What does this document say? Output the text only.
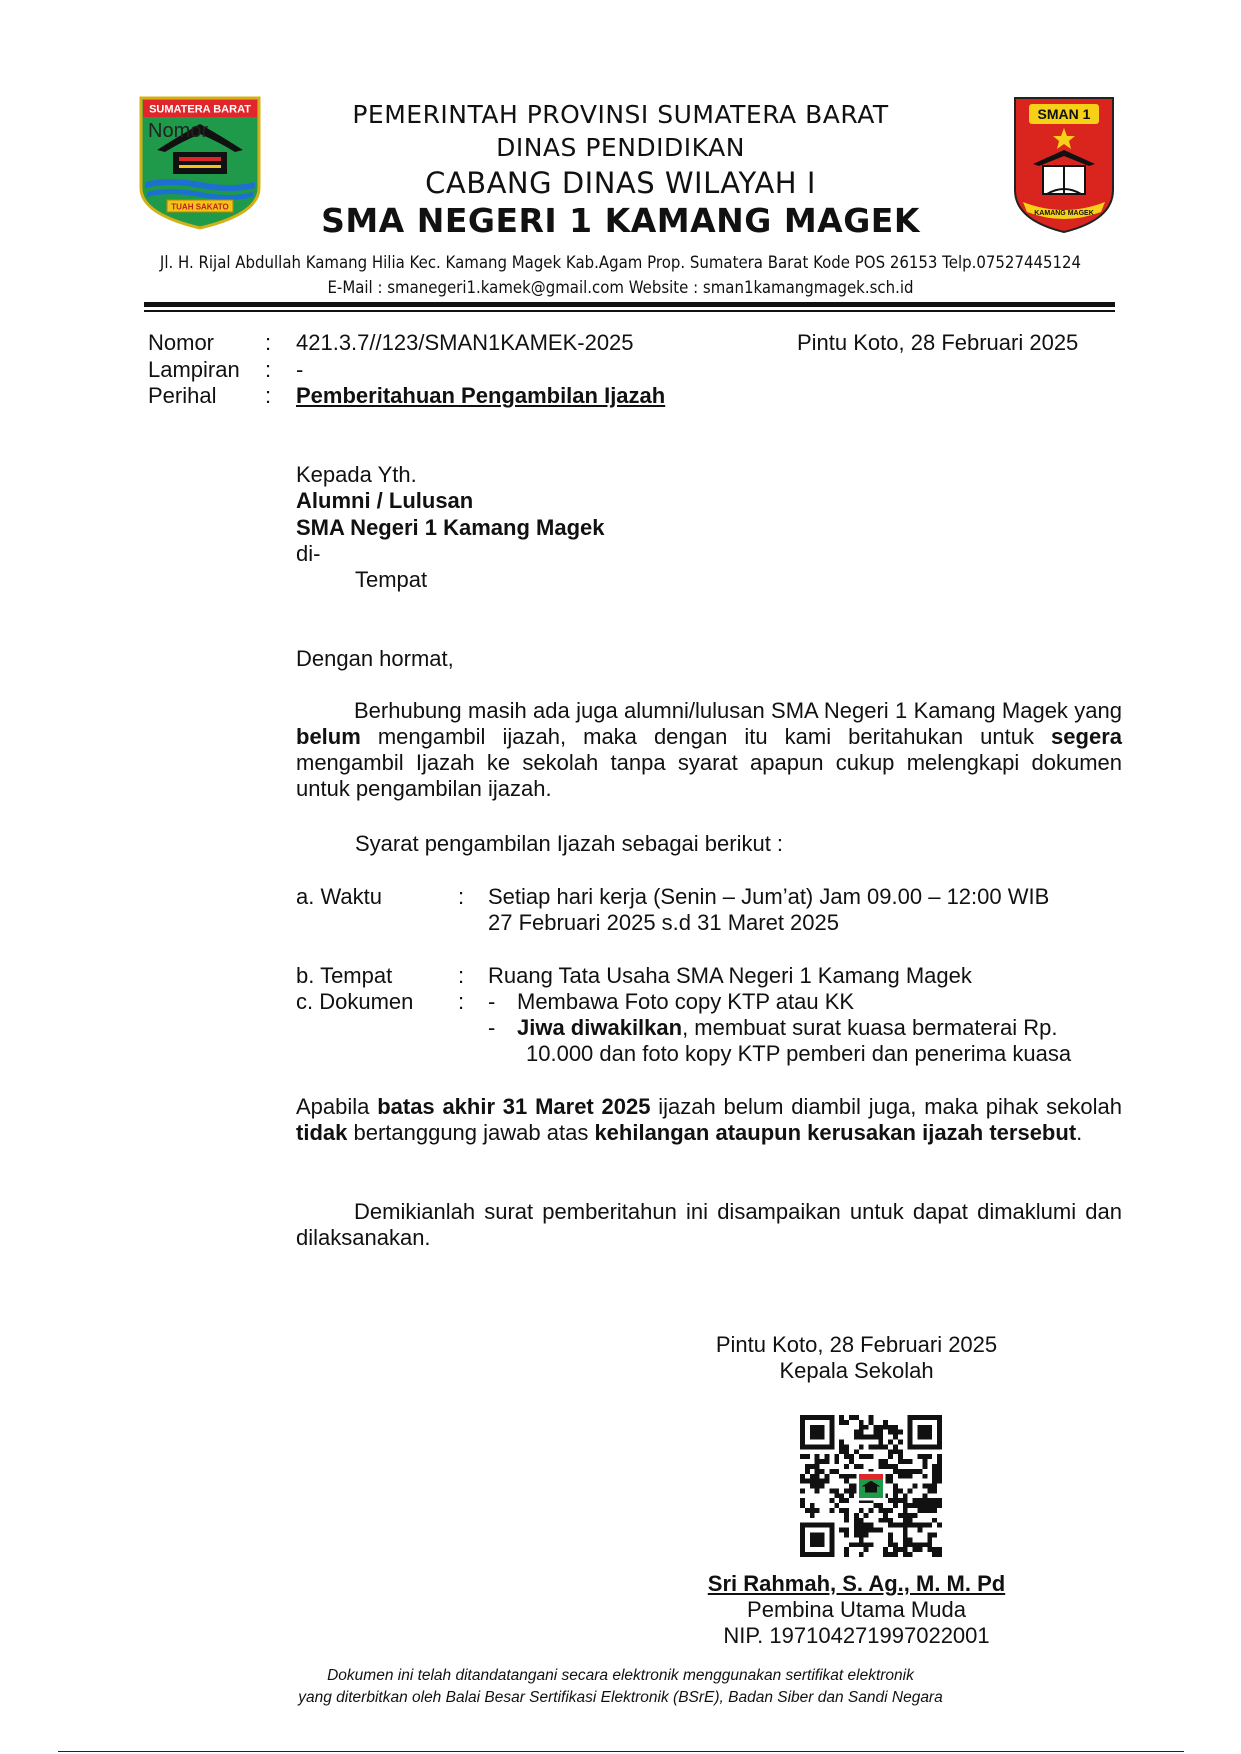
SUMATERA BARAT
TUAH SAKATO
Nomor
PEMERINTAH PROVINSI SUMATERA BARAT
DINAS PENDIDIKAN
CABANG DINAS WILAYAH I
SMA NEGERI 1 KAMANG MAGEK
SMAN 1
KAMANG MAGEK
Jl. H. Rijal Abdullah Kamang Hilia Kec. Kamang Magek Kab.Agam Prop. Sumatera Barat Kode POS 26153 Telp.07527445124
E-Mail : smanegeri1.kamek@gmail.com Website : sman1kamangmagek.sch.id
Nomor : 421.3.7//123/SMAN1KAMEK-2025	Pintu Koto, 28 Februari 2025
Lampiran : -
Perihal : Pemberitahuan Pengambilan Ijazah
Kepada Yth.
Alumni / Lulusan
SMA Negeri 1 Kamang Magek
di-
Tempat
Dengan hormat,
Berhubung masih ada juga alumni/lulusan SMA Negeri 1 Kamang Magek yang belum mengambil ijazah, maka dengan itu kami beritahukan untuk segera mengambil Ijazah ke sekolah tanpa syarat apapun cukup melengkapi dokumen untuk pengambilan ijazah.
Syarat pengambilan Ijazah sebagai berikut :
a. Waktu	: Setiap hari kerja (Senin – Jum’at) Jam 09.00 – 12:00 WIB
27 Februari 2025 s.d 31 Maret 2025
b. Tempat	: Ruang Tata Usaha SMA Negeri 1 Kamang Magek
c. Dokumen : - Membawa Foto copy KTP atau KK
- Jiwa diwakilkan, membuat surat kuasa bermaterai Rp.
10.000 dan foto kopy KTP pemberi dan penerima kuasa
Apabila batas akhir 31 Maret 2025 ijazah belum diambil juga, maka pihak sekolah tidak bertanggung jawab atas kehilangan ataupun kerusakan ijazah tersebut.
Demikianlah surat pemberitahun ini disampaikan untuk dapat dimaklumi dan dilaksanakan.
Pintu Koto, 28 Februari 2025
Kepala Sekolah
Sri Rahmah, S. Ag., M. M. Pd
Pembina Utama Muda
NIP. 197104271997022001
Dokumen ini telah ditandatangani secara elektronik menggunakan sertifikat elektronik
yang diterbitkan oleh Balai Besar Sertifikasi Elektronik (BSrE), Badan Siber dan Sandi Negara
